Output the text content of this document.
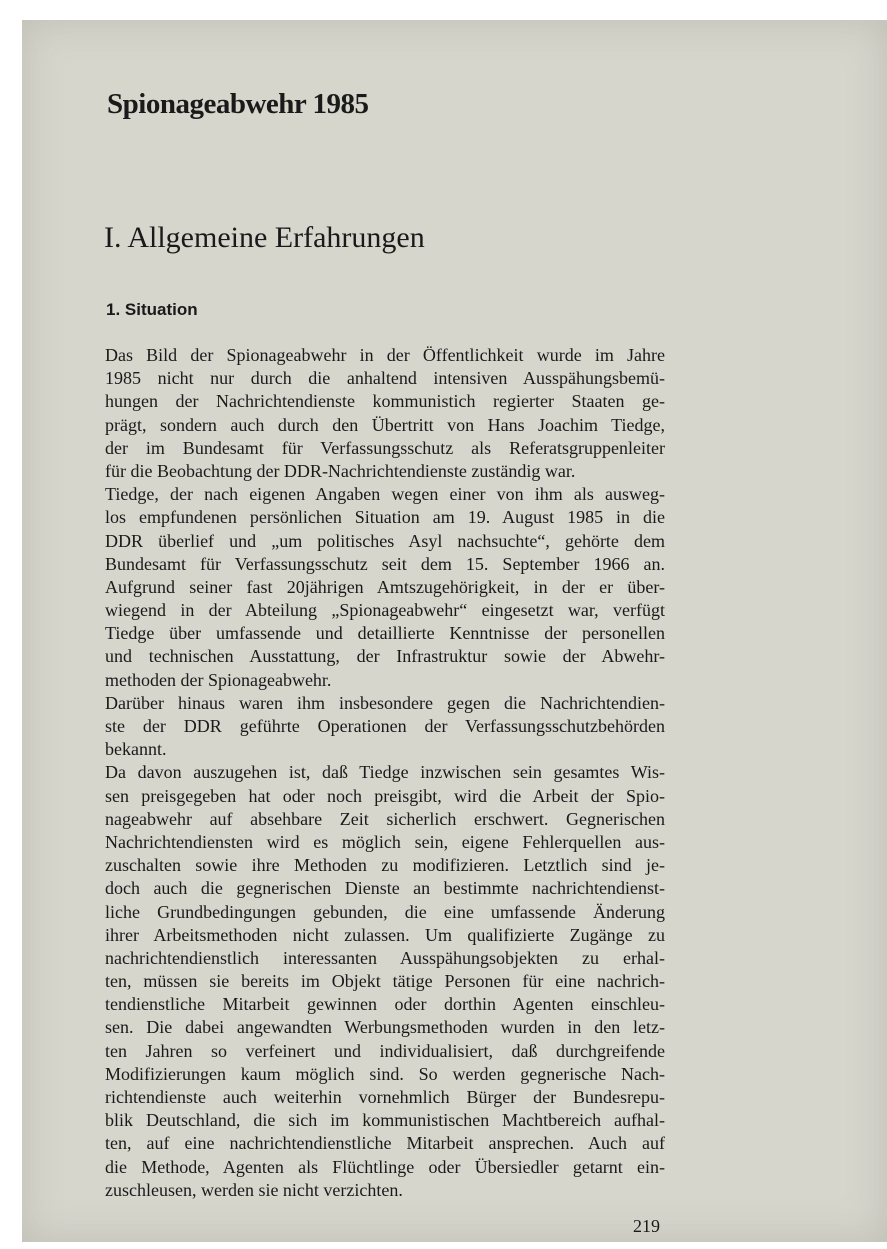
Spionageabwehr 1985
I. Allgemeine Erfahrungen
1. Situation
Das Bild der Spionageabwehr in der Öffentlichkeit wurde im Jahre
1985 nicht nur durch die anhaltend intensiven Ausspähungsbemü-
hungen der Nachrichtendienste kommunistich regierter Staaten ge-
prägt, sondern auch durch den Übertritt von Hans Joachim Tiedge,
der im Bundesamt für Verfassungsschutz als Referatsgruppenleiter
für die Beobachtung der DDR-Nachrichtendienste zuständig war.
Tiedge, der nach eigenen Angaben wegen einer von ihm als ausweg-
los empfundenen persönlichen Situation am 19. August 1985 in die
DDR überlief und „um politisches Asyl nachsuchte“, gehörte dem
Bundesamt für Verfassungsschutz seit dem 15. September 1966 an.
Aufgrund seiner fast 20jährigen Amtszugehörigkeit, in der er über-
wiegend in der Abteilung „Spionageabwehr“ eingesetzt war, verfügt
Tiedge über umfassende und detaillierte Kenntnisse der personellen
und technischen Ausstattung, der Infrastruktur sowie der Abwehr-
methoden der Spionageabwehr.
Darüber hinaus waren ihm insbesondere gegen die Nachrichtendien-
ste der DDR geführte Operationen der Verfassungsschutzbehörden
bekannt.
Da davon auszugehen ist, daß Tiedge inzwischen sein gesamtes Wis-
sen preisgegeben hat oder noch preisgibt, wird die Arbeit der Spio-
nageabwehr auf absehbare Zeit sicherlich erschwert. Gegnerischen
Nachrichtendiensten wird es möglich sein, eigene Fehlerquellen aus-
zuschalten sowie ihre Methoden zu modifizieren. Letztlich sind je-
doch auch die gegnerischen Dienste an bestimmte nachrichtendienst-
liche Grundbedingungen gebunden, die eine umfassende Änderung
ihrer Arbeitsmethoden nicht zulassen. Um qualifizierte Zugänge zu
nachrichtendienstlich interessanten Ausspähungsobjekten zu erhal-
ten, müssen sie bereits im Objekt tätige Personen für eine nachrich-
tendienstliche Mitarbeit gewinnen oder dorthin Agenten einschleu-
sen. Die dabei angewandten Werbungsmethoden wurden in den letz-
ten Jahren so verfeinert und individualisiert, daß durchgreifende
Modifizierungen kaum möglich sind. So werden gegnerische Nach-
richtendienste auch weiterhin vornehmlich Bürger der Bundesrepu-
blik Deutschland, die sich im kommunistischen Machtbereich aufhal-
ten, auf eine nachrichtendienstliche Mitarbeit ansprechen. Auch auf
die Methode, Agenten als Flüchtlinge oder Übersiedler getarnt ein-
zuschleusen, werden sie nicht verzichten.

219
